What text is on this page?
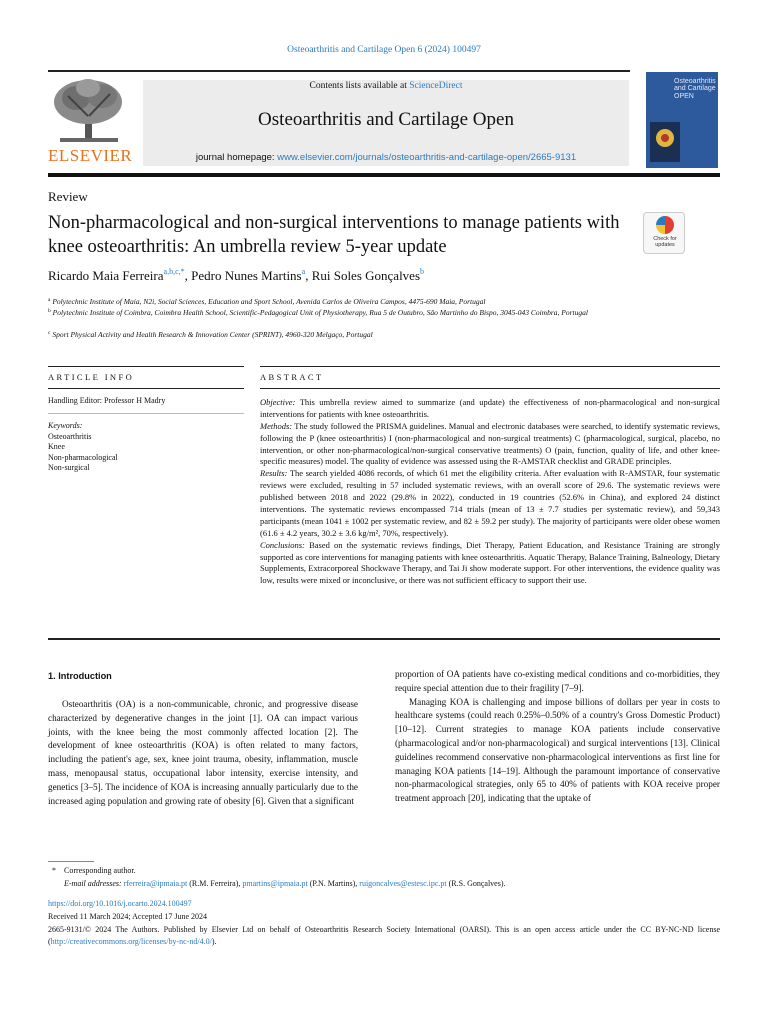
Osteoarthritis and Cartilage Open 6 (2024) 100497
ELSEVIER
Contents lists available at ScienceDirect
Osteoarthritis and Cartilage Open
journal homepage: www.elsevier.com/journals/osteoarthritis-and-cartilage-open/2665-9131
Osteoarthritis and Cartilage OPEN
Review
Non-pharmacological and non-surgical interventions to manage patients with knee osteoarthritis: An umbrella review 5-year update	Check for updates
Ricardo Maia Ferreira$^{a,b,c,*}$, Pedro Nunes Martins$^a$, Rui Soles Gonçalves$^b$
$^a$ Polytechnic Institute of Maia, N2i, Social Sciences, Education and Sport School, Avenida Carlos de Oliveira Campos, 4475-690 Maia, Portugal
$^b$ Polytechnic Institute of Coimbra, Coimbra Health School, Scientific-Pedagogical Unit of Physiotherapy, Rua 5 de Outubro, São Martinho do Bispo, 3045-043 Coimbra, Portugal
$^c$ Sport Physical Activity and Health Research & Innovation Center (SPRINT), 4960-320 Melgaço, Portugal
ARTICLE INFO
Handling Editor: Professor H Madry
Keywords:
Osteoarthritis
Knee
Non-pharmacological
Non-surgical
ABSTRACT

Objective: This umbrella review aimed to summarize (and update) the effectiveness of non-pharmacological and non-surgical interventions for patients with knee osteoarthritis.

Methods: The study followed the PRISMA guidelines. Manual and electronic databases were searched, to identify systematic reviews, following the P (knee osteoarthritis) I (non-pharmacological and non-surgical treatments) C (pharmacological, surgical, placebo, no intervention, or other non-pharmacological/non-surgical conservative treatments) O (pain, function, quality of life, and other knee-specific measures) model. The quality of evidence was assessed using the R-AMSTAR checklist and GRADE principles.

Results: The search yielded 4086 records, of which 61 met the eligibility criteria. After evaluation with R-AMSTAR, four systematic reviews were excluded, resulting in 57 included systematic reviews, with an overall score of 29.6. The systematic reviews were published between 2018 and 2022 (29.8% in 2022), conducted in 19 countries (52.6% in China), and explored 24 distinct interventions. The systematic reviews encompassed 714 trials (mean of 13 ± 7.7 studies per systematic review), and 59,343 participants (mean 1041 ± 1002 per systematic review, and 82 ± 59.2 per study). The majority of participants were older obese women (61.6 ± 4.2 years, 30.2 ± 3.6 kg/m², 70%, respectively).

Conclusions: Based on the systematic reviews findings, Diet Therapy, Patient Education, and Resistance Training are strongly supported as core interventions for managing patients with knee osteoarthritis. Aquatic Therapy, Balance Training, Balneology, Dietary Supplements, Extracorporeal Shockwave Therapy, and Tai Ji show moderate support. For other interventions, the evidence quality was low, results were mixed or inconclusive, or there was not sufficient efficacy to support their use.

1. Introduction

Osteoarthritis (OA) is a non-communicable, chronic, and progressive disease characterized by degenerative changes in the joint [1]. OA can impact various joints, with the knee being the most commonly affected location [2]. The development of knee osteoarthritis (KOA) is often related to many factors, including the patient's age, sex, knee joint trauma, obesity, inflammation, muscle mass, menopausal status, occupational labor intensity, exercise intensity, and genetics [3–5]. The incidence of KOA is increasing annually particularly due to the increased aging population and growing rate of obesity [6]. Given that a significant

proportion of OA patients have co-existing medical conditions and co-morbidities, they require special attention due to their fragility [7–9].

Managing KOA is challenging and impose billions of dollars per year in costs to healthcare systems (could reach 0.25%–0.50% of a country's Gross Domestic Product) [10–12]. Current strategies to manage KOA patients include conservative (pharmacological and/or non-pharmacological) and surgical interventions [13]. Clinical guidelines recommend conservative non-pharmacological interventions as first line for managing KOA patients [14–19]. Although the paramount importance of conservative non-pharmacological strategies, only 65 to 40% of patients with KOA receive proper treatment approach [20], indicating that the uptake of

* Corresponding author.
E-mail addresses: rferreira@ipmaia.pt (R.M. Ferreira), pmartins@ipmaia.pt (P.N. Martins), ruigoncalves@estesc.ipc.pt (R.S. Gonçalves).
https://doi.org/10.1016/j.ocarto.2024.100497
Received 11 March 2024; Accepted 17 June 2024
2665-9131/© 2024 The Authors. Published by Elsevier Ltd on behalf of Osteoarthritis Research Society International (OARSI). This is an open access article under the CC BY-NC-ND license (http://creativecommons.org/licenses/by-nc-nd/4.0/).
